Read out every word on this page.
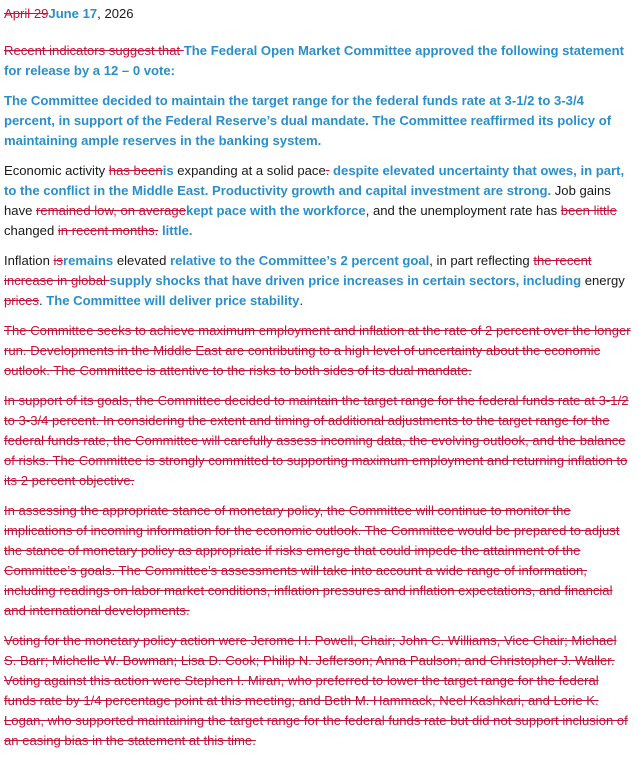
April 29June 17, 2026

Recent indicators suggest that The Federal Open Market Committee approved the following statement for release by a 12 – 0 vote:

The Committee decided to maintain the target range for the federal funds rate at 3-1/2 to 3-3/4 percent, in support of the Federal Reserve’s dual mandate. The Committee reaffirmed its policy of maintaining ample reserves in the banking system.

Economic activity has beenis expanding at a solid pace. despite elevated uncertainty that owes, in part, to the conflict in the Middle East. Productivity growth and capital investment are strong. Job gains have remained low, on averagekept pace with the workforce, and the unemployment rate has been little changed in recent months. little.

Inflation isremains elevated relative to the Committee’s 2 percent goal, in part reflecting the recent increase in global supply shocks that have driven price increases in certain sectors, including energy prices. The Committee will deliver price stability.

The Committee seeks to achieve maximum employment and inflation at the rate of 2 percent over the longer run. Developments in the Middle East are contributing to a high level of uncertainty about the economic outlook. The Committee is attentive to the risks to both sides of its dual mandate.

In support of its goals, the Committee decided to maintain the target range for the federal funds rate at 3-1/2 to 3-3/4 percent. In considering the extent and timing of additional adjustments to the target range for the federal funds rate, the Committee will carefully assess incoming data, the evolving outlook, and the balance of risks. The Committee is strongly committed to supporting maximum employment and returning inflation to its 2 percent objective.

In assessing the appropriate stance of monetary policy, the Committee will continue to monitor the implications of incoming information for the economic outlook. The Committee would be prepared to adjust the stance of monetary policy as appropriate if risks emerge that could impede the attainment of the Committee’s goals. The Committee’s assessments will take into account a wide range of information, including readings on labor market conditions, inflation pressures and inflation expectations, and financial and international developments.

Voting for the monetary policy action were Jerome H. Powell, Chair; John C. Williams, Vice Chair; Michael S. Barr; Michelle W. Bowman; Lisa D. Cook; Philip N. Jefferson; Anna Paulson; and Christopher J. Waller. Voting against this action were Stephen I. Miran, who preferred to lower the target range for the federal funds rate by 1/4 percentage point at this meeting; and Beth M. Hammack, Neel Kashkari, and Lorie K. Logan, who supported maintaining the target range for the federal funds rate but did not support inclusion of an easing bias in the statement at this time.
